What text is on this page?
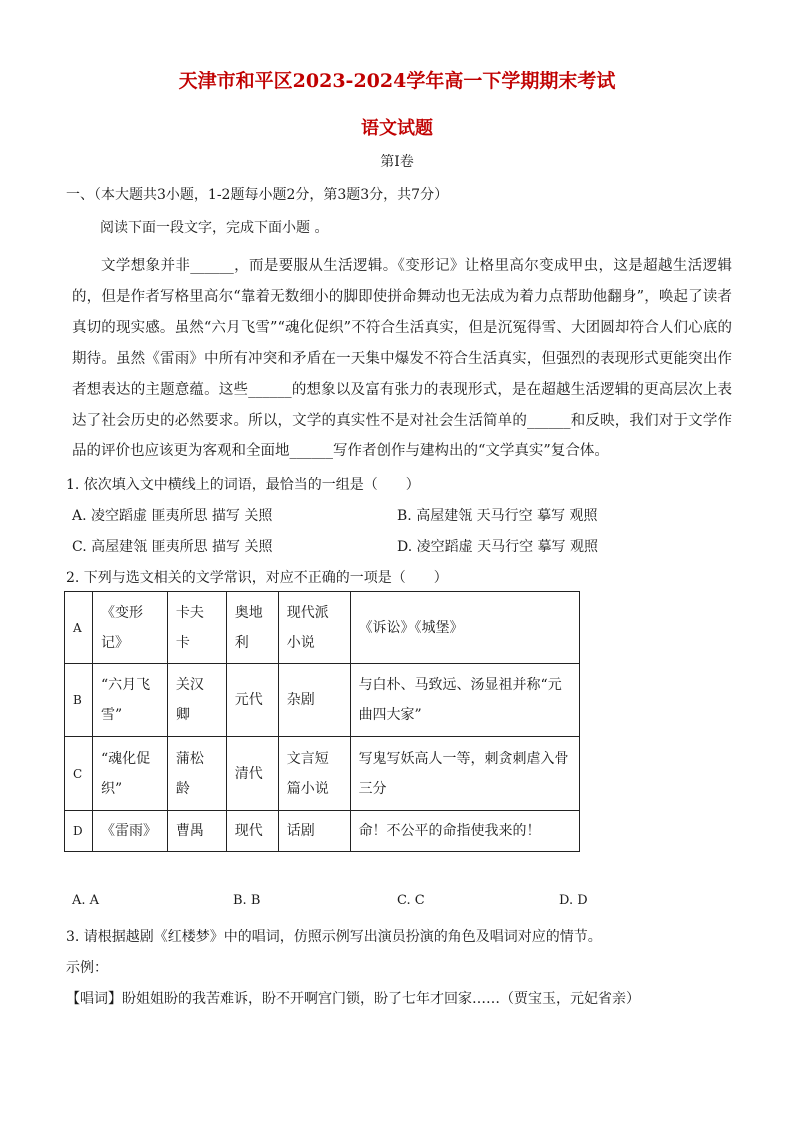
天津市和平区2023-2024学年高一下学期期末考试
语文试题
第Ⅰ卷
一、（本大题共3小题，1-2题每小题2分，第3题3分，共7分）
阅读下面一段文字，完成下面小题 。
文学想象并非______，而是要服从生活逻辑。《变形记》让格里高尔变成甲虫，这是超越生活逻辑的，但是作者写格里高尔“靠着无数细小的脚即使拼命舞动也无法成为着力点帮助他翻身”，唤起了读者真切的现实感。虽然“六月飞雪”“魂化促织”不符合生活真实，但是沉冤得雪、大团圆却符合人们心底的期待。虽然《雷雨》中所有冲突和矛盾在一天集中爆发不符合生活真实，但强烈的表现形式更能突出作者想表达的主题意蕴。这些______的想象以及富有张力的表现形式，是在超越生活逻辑的更高层次上表达了社会历史的必然要求。所以，文学的真实性不是对社会生活简单的______和反映，我们对于文学作品的评价也应该更为客观和全面地______写作者创作与建构出的“文学真实”复合体。
1. 依次填入文中横线上的词语，最恰当的一组是（　　）
A. 凌空蹈虚 匪夷所思 描写 关照	B. 高屋建瓴 天马行空 摹写 观照
C. 高屋建瓴 匪夷所思 描写 关照	D. 凌空蹈虚 天马行空 摹写 观照
2. 下列与选文相关的文学常识，对应不正确的一项是（　　）
A	《变形记》	卡夫卡	奥地利	现代派小说	《诉讼》《城堡》
B	“六月飞雪”	关汉卿	元代	杂剧	与白朴、马致远、汤显祖并称“元曲四大家”
C	“魂化促织”	蒲松龄	清代	文言短篇小说	写鬼写妖高人一等，刺贪刺虐入骨三分
D	《雷雨》	曹禺	现代	话剧	命！不公平的命指使我来的！
A. A	B. B	C. C	D. D
3. 请根据越剧《红楼梦》中的唱词，仿照示例写出演员扮演的角色及唱词对应的情节。
示例：
【唱词】盼姐姐盼的我苦难诉，盼不开啊宫门锁，盼了七年才回家……（贾宝玉，元妃省亲）
